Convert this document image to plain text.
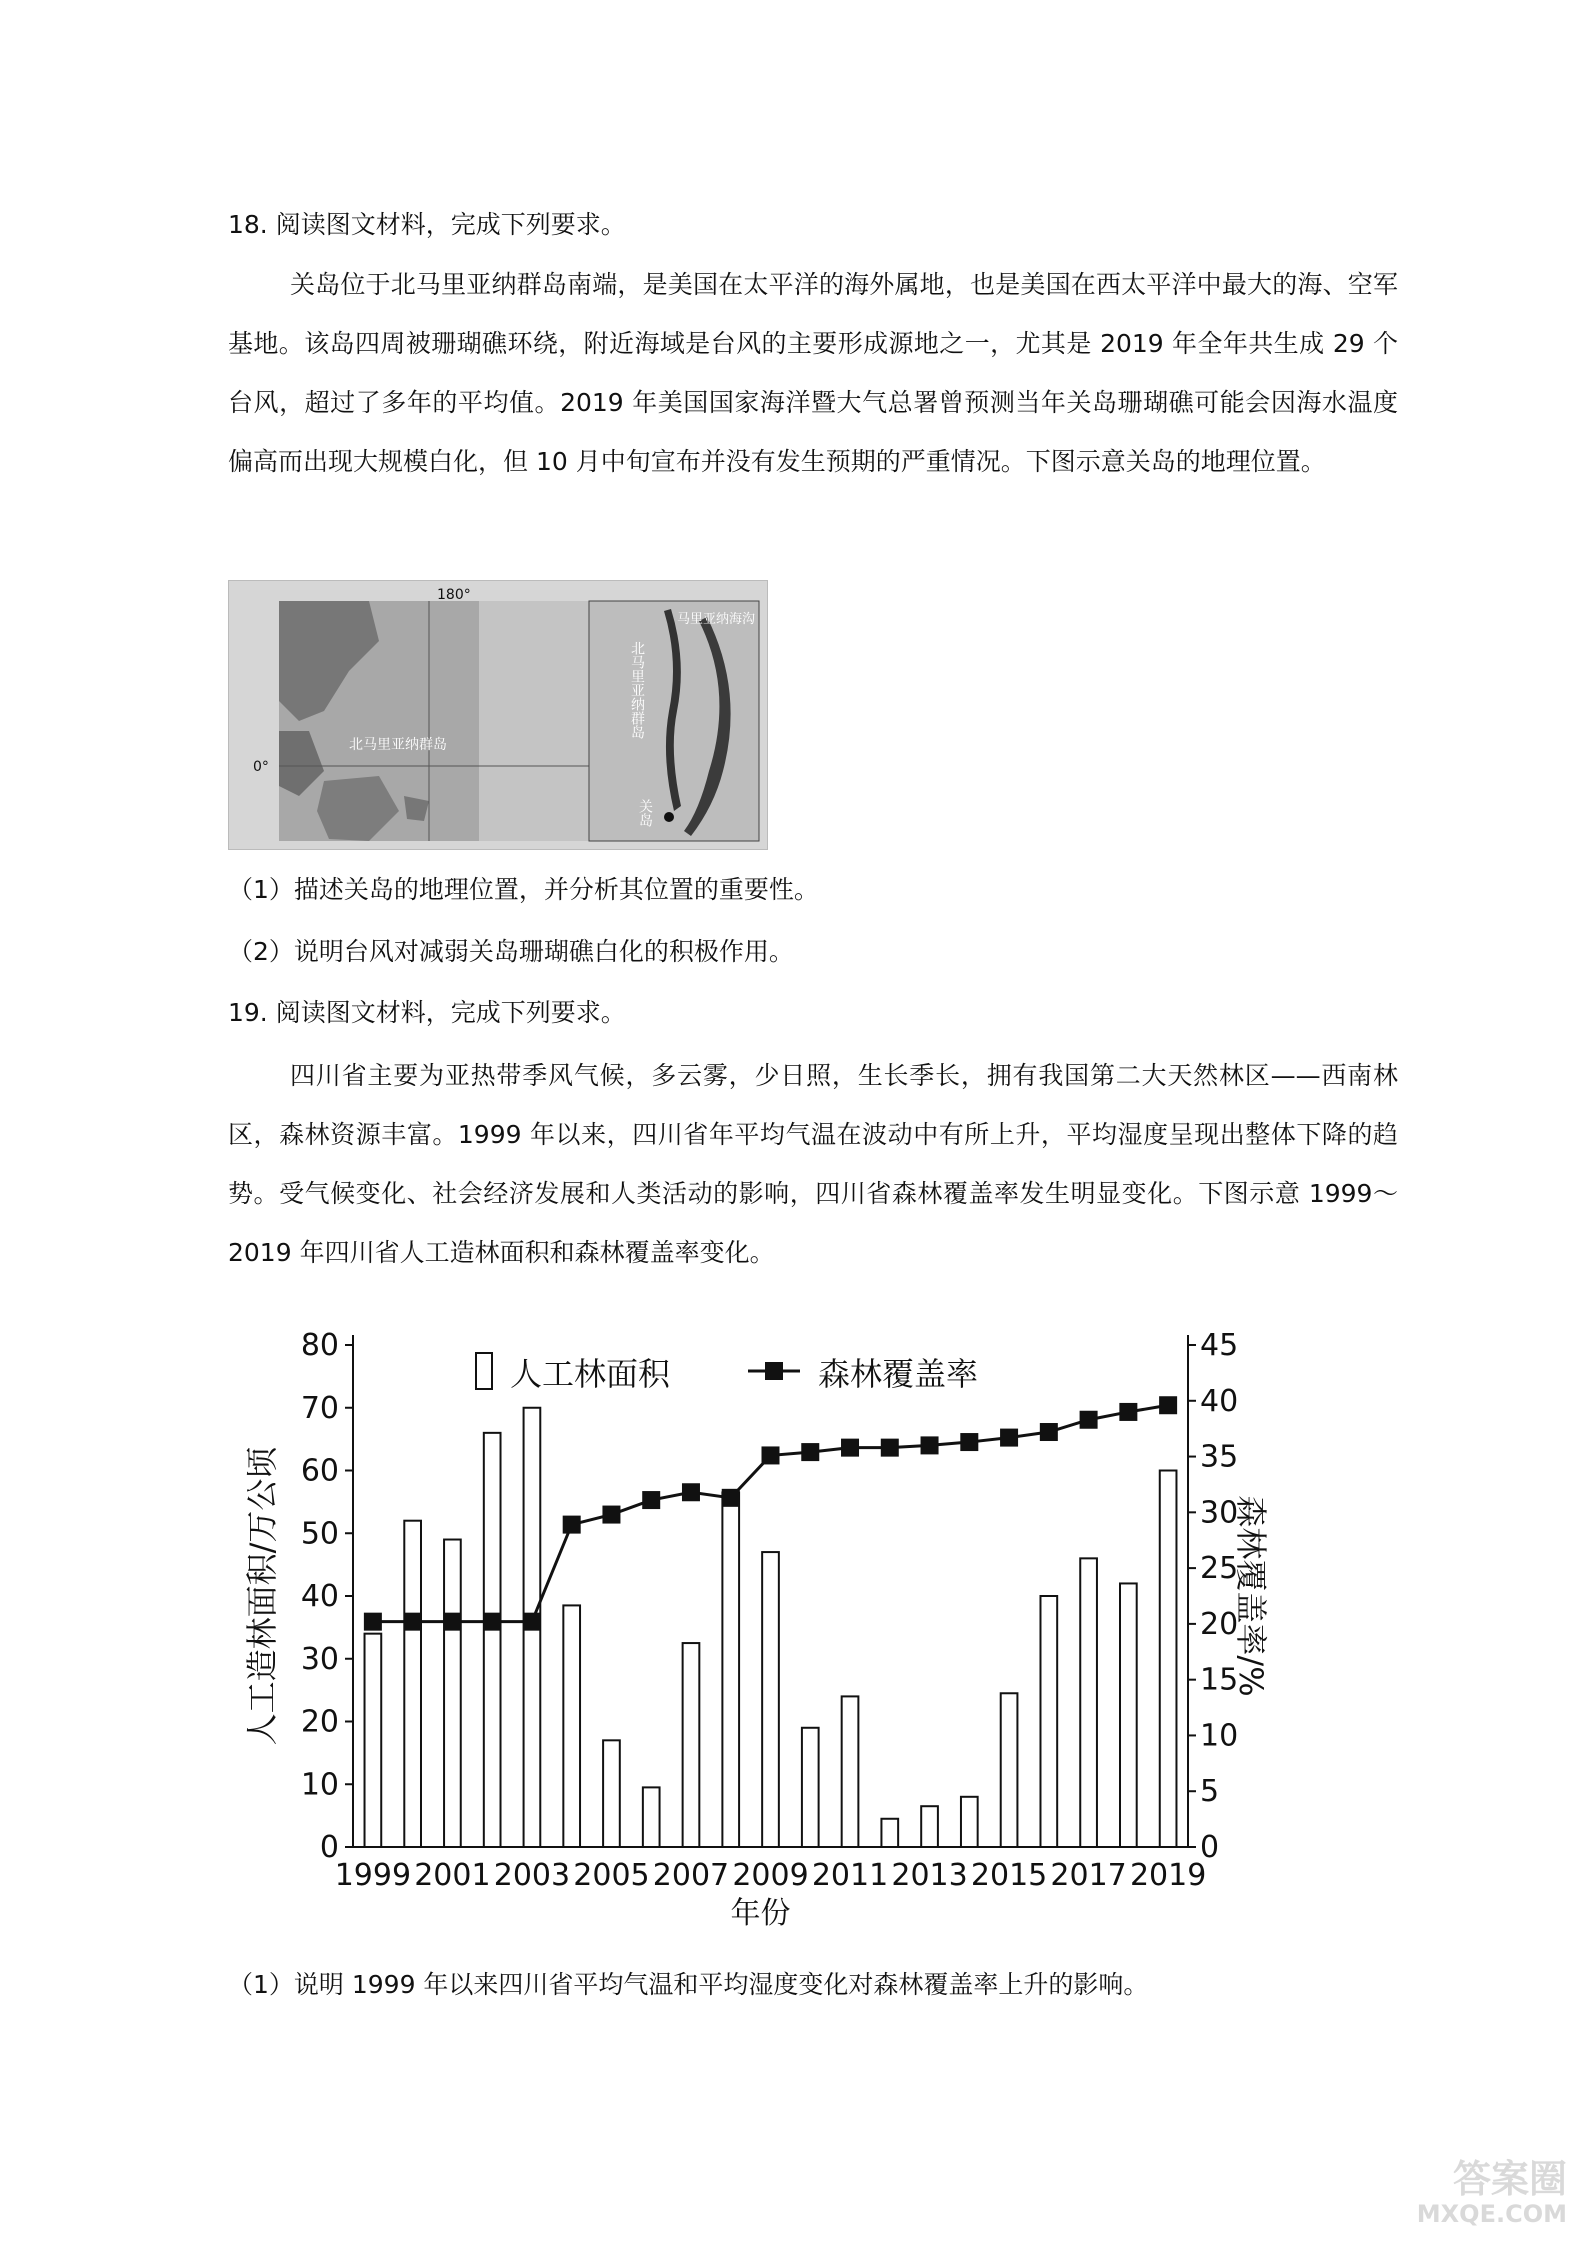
18. 阅读图文材料，完成下列要求。

关岛位于北马里亚纳群岛南端，是美国在太平洋的海外属地，也是美国在西太平洋中最大的海、空军基地。该岛四周被珊瑚礁环绕，附近海域是台风的主要形成源地之一，尤其是 2019 年全年共生成 29 个台风，超过了多年的平均值。2019 年美国国家海洋暨大气总署曾预测当年关岛珊瑚礁可能会因海水温度偏高而出现大规模白化，但 10 月中旬宣布并没有发生预期的严重情况。下图示意关岛的地理位置。

180°
0°
北马里亚纳群岛
北马里亚纳群岛
马里亚纳海沟
关岛

（1）描述关岛的地理位置，并分析其位置的重要性。

（2）说明台风对减弱关岛珊瑚礁白化的积极作用。

19. 阅读图文材料，完成下列要求。

四川省主要为亚热带季风气候，多云雾，少日照，生长季长，拥有我国第二大天然林区——西南林区，森林资源丰富。1999 年以来，四川省年平均气温在波动中有所上升，平均湿度呈现出整体下降的趋势。受气候变化、社会经济发展和人类活动的影响，四川省森林覆盖率发生明显变化。下图示意 1999～2019 年四川省人工造林面积和森林覆盖率变化。

0
10
20
30
40
50
60
70
80
0
5
10
15
20
25
30
35
40
45
1999 2001 2003 2005 2007 2009 2011 2013 2015 2017 2019
年份
人工造林面积/万公顷	森林覆盖率/%
人工林面积	森林覆盖率

（1）说明 1999 年以来四川省平均气温和平均湿度变化对森林覆盖率上升的影响。

答案圈
MXQE.COM
